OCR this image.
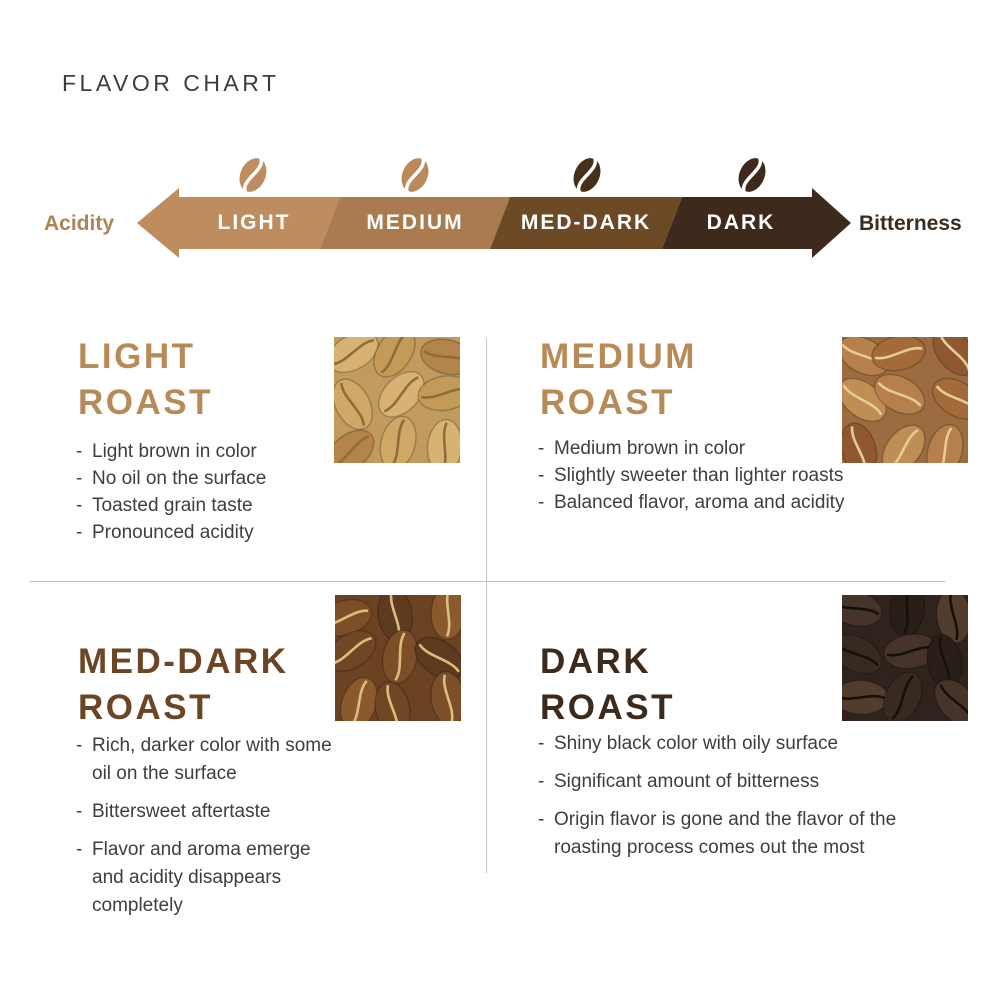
FLAVOR CHART
Acidity	Bitterness
LIGHT	MEDIUM	MED-DARK	DARK
LIGHT
ROAST
- Light brown in color
- No oil on the surface
- Toasted grain taste
- Pronounced acidity
MEDIUM
ROAST
- Medium brown in color
- Slightly sweeter than lighter roasts
- Balanced flavor, aroma and acidity
MED-DARK
ROAST
- Rich, darker color with some oil on the surface
- Bittersweet aftertaste
- Flavor and aroma emerge and acidity disappears completely
DARK
ROAST
- Shiny black color with oily surface
- Significant amount of bitterness
- Origin flavor is gone and the flavor of the roasting process comes out the most
